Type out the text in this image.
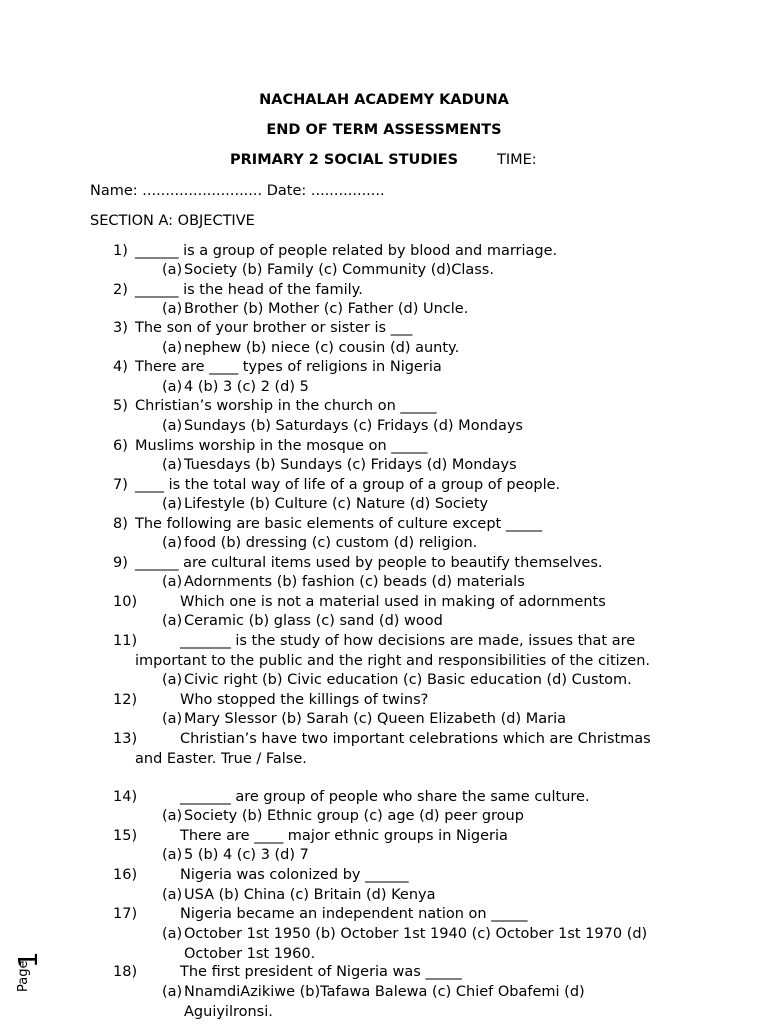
NACHALAH ACADEMY KADUNA
END OF TERM ASSESSMENTS
PRIMARY 2 SOCIAL STUDIES	TIME:
Name: .......................... Date: ................
SECTION A: OBJECTIVE
1) ______ is a group of people related by blood and marriage.
(a) Society (b) Family (c) Community (d)Class.
2) ______ is the head of the family.
(a) Brother (b) Mother (c) Father (d) Uncle.
3) The son of your brother or sister is ___
(a) nephew (b) niece (c) cousin (d) aunty.
4) There are ____ types of religions in Nigeria
(a) 4 (b) 3 (c) 2 (d) 5
5) Christian’s worship in the church on _____
(a) Sundays (b) Saturdays (c) Fridays (d) Mondays
6) Muslims worship in the mosque on _____
(a) Tuesdays (b) Sundays (c) Fridays (d) Mondays
7) ____ is the total way of life of a group of a group of people.
(a) Lifestyle (b) Culture (c) Nature (d) Society
8) The following are basic elements of culture except _____
(a) food (b) dressing (c) custom (d) religion.
9) ______ are cultural items used by people to beautify themselves.
(a) Adornments (b) fashion (c) beads (d) materials
10)	Which one is not a material used in making of adornments
(a) Ceramic (b) glass (c) sand (d) wood
11)	_______ is the study of how decisions are made, issues that are
important to the public and the right and responsibilities of the citizen.
(a) Civic right (b) Civic education (c) Basic education (d) Custom.
12)	Who stopped the killings of twins?
(a) Mary Slessor (b) Sarah (c) Queen Elizabeth (d) Maria
13)	Christian’s have two important celebrations which are Christmas
and Easter. True / False.
14)	_______ are group of people who share the same culture.
(a) Society (b) Ethnic group (c) age (d) peer group
15)	There are ____ major ethnic groups in Nigeria
(a) 5 (b) 4 (c) 3 (d) 7
16)	Nigeria was colonized by ______
(a) USA (b) China (c) Britain (d) Kenya
17)	Nigeria became an independent nation on _____
(a) October 1st 1950 (b) October 1st 1940 (c) October 1st 1970 (d)
October 1st 1960.
18)	The first president of Nigeria was _____
(a) NnamdiAzikiwe (b)Tafawa Balewa (c) Chief Obafemi (d)
Aguiyilronsi.
Page
1
